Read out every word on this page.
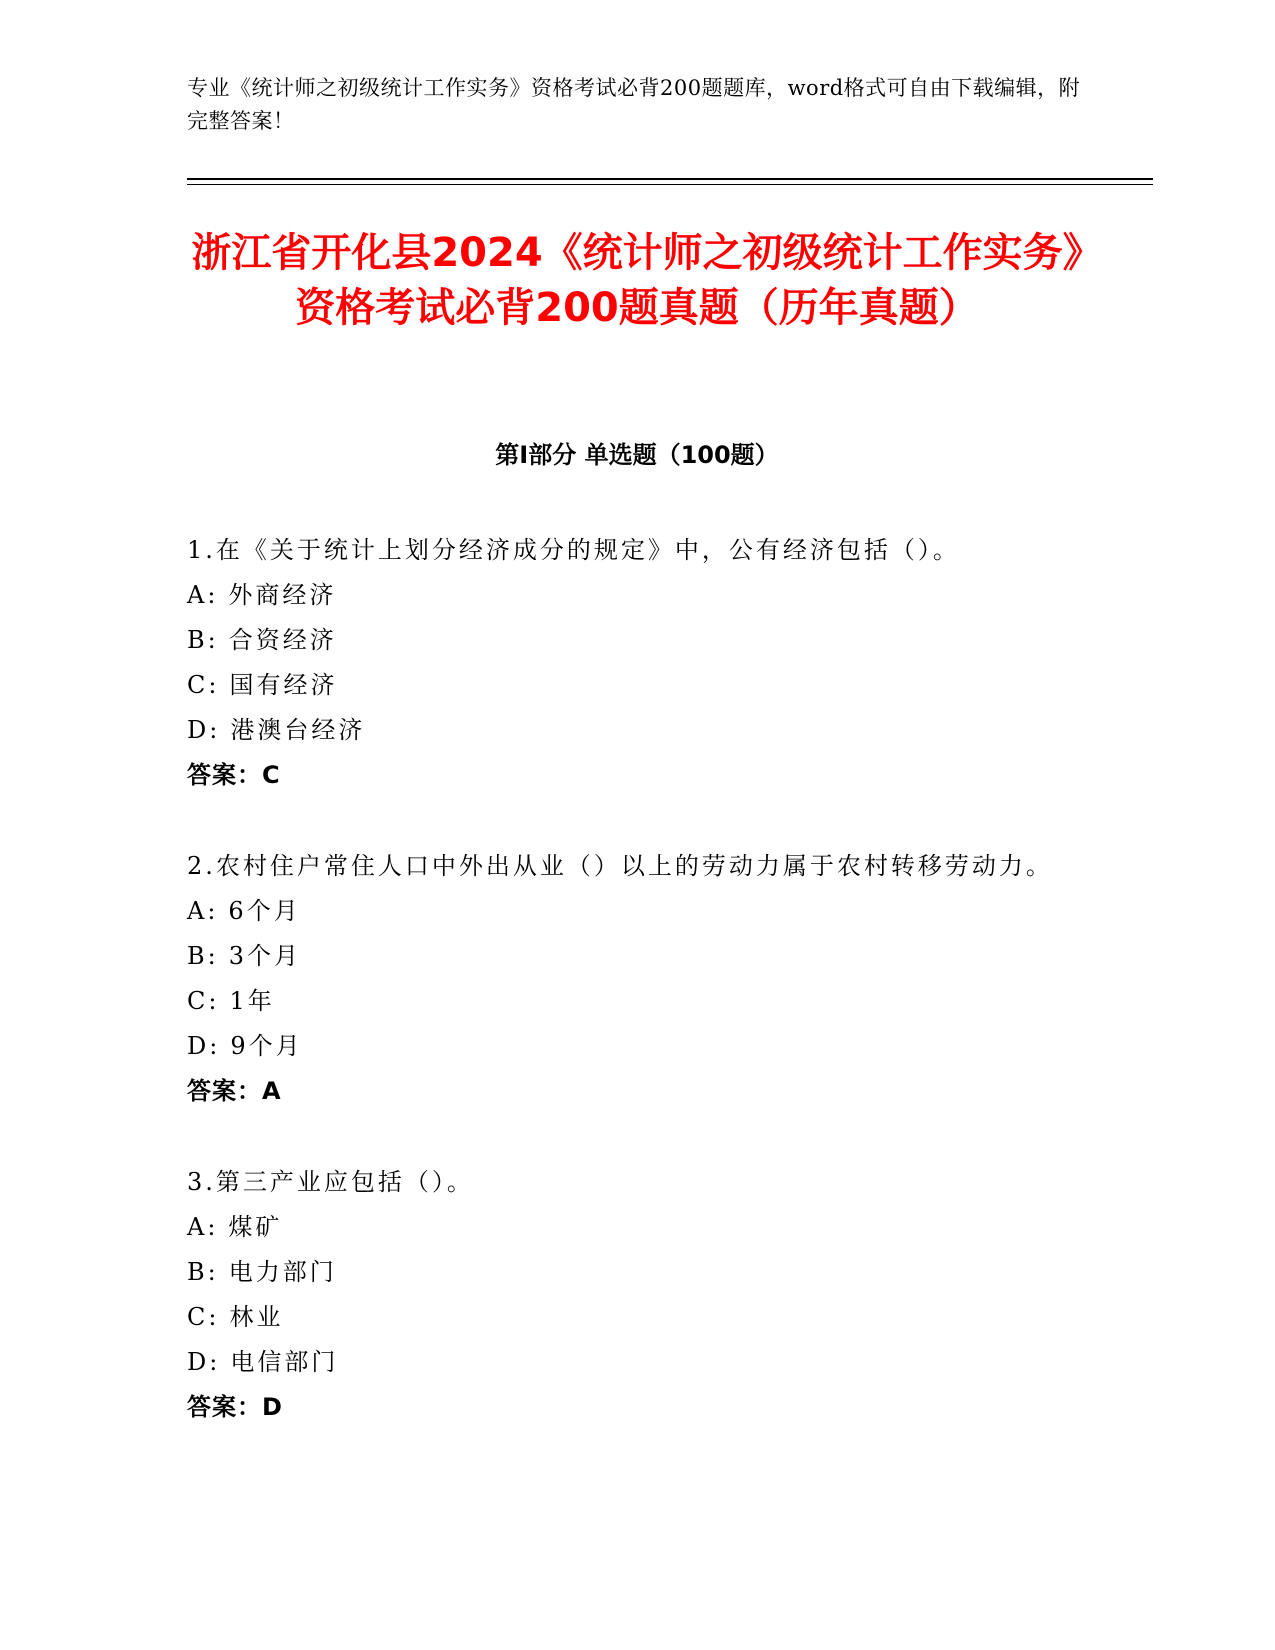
专业《统计师之初级统计工作实务》资格考试必背200题题库，word格式可自由下载编辑，附完整答案！
浙江省开化县2024《统计师之初级统计工作实务》资格考试必背200题真题（历年真题）
第Ⅰ部分 单选题（100题）

1.在《关于统计上划分经济成分的规定》中，公有经济包括（）。

A: 外商经济

B: 合资经济

C: 国有经济

D: 港澳台经济

答案：C

2.农村住户常住人口中外出从业（）以上的劳动力属于农村转移劳动力。

A: 6个月

B: 3个月

C: 1年

D: 9个月

答案：A

3.第三产业应包括（）。

A: 煤矿

B: 电力部门

C: 林业

D: 电信部门

答案：D
